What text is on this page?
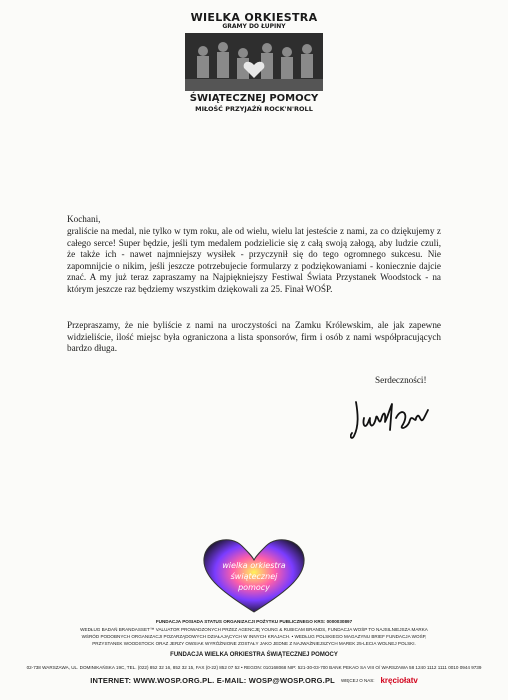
WIELKA ORKIESTRA
GRAMY DO ŁUPINY
ŚWIĄTECZNEJ POMOCY
MIŁOŚĆ PRZYJAŹŃ ROCK'N'ROLL
Kochani,
graliście na medal, nie tylko w tym roku, ale od wielu, wielu lat jesteście z nami, za co dziękujemy z całego serce! Super będzie, jeśli tym medalem podzielicie się z całą swoją załogą, aby ludzie czuli, że także ich - nawet najmniejszy wysiłek - przyczynił się do tego ogromnego sukcesu. Nie zapomnijcie o nikim, jeśli jeszcze potrzebujecie formularzy z podziękowaniami - koniecznie dajcie znać. A my już teraz zapraszamy na Najpiękniejszy Festiwal Świata Przystanek Woodstock - na którym jeszcze raz będziemy wszystkim dziękowali za 25. Finał WOŚP.
Przepraszamy, że nie byliście z nami na uroczystości na Zamku Królewskim, ale jak zapewne widzieliście, ilość miejsc była ograniczona a lista sponsorów, firm i osób z nami współpracujących bardzo długa.
Serdeczności!
wielka orkiestra
świątecznej
pomocy
FUNDACJA POSIADA STATUS ORGANIZACJI POŻYTKU PUBLICZNEGO KRS: 0000030897
WEDŁUG BADAŃ BRANDASSET™ VALUATOR PROWADZONYCH PRZEZ AGENCJĘ YOUNG & RUBICAM BRANDS, FUNDACJA WOŚP TO NAJSILNIEJSZA MARKA
WŚRÓD PODOBNYCH ORGANIZACJI POZARZĄDOWYCH DZIAŁAJĄCYCH W INNYCH KRAJACH. • WEDŁUG POLSKIEGO MAGAZYNU BRIEF FUNDACJA WOŚP,
PRZYSTANEK WOODSTOCK ORAZ JERZY OWSIAK WYRÓŻNIONE ZOSTAŁY JAKO JEDNE Z NAJWAŻNIEJSZYCH MAREK 25-LECIA WOLNEJ POLSKI.
FUNDACJA WIELKA ORKIESTRA ŚWIĄTECZNEJ POMOCY
02-738 WARSZAWA, UL. DOMINIKAŃSKA 19C, TEL. (022) 852 32 16, 852 32 15, FAX (0-22) 852 07 52 • REGON: 010168068 NIP: 521-30-03-700 BANK PEKAO SA VIII O/ WARSZAWA 58 1240 1112 1111 0010 0944 9739
INTERNET: WWW.WOSP.ORG.PL. E-MAIL: WOSP@WOSP.ORG.PL WIĘCEJ O NAS: kręciołatv
